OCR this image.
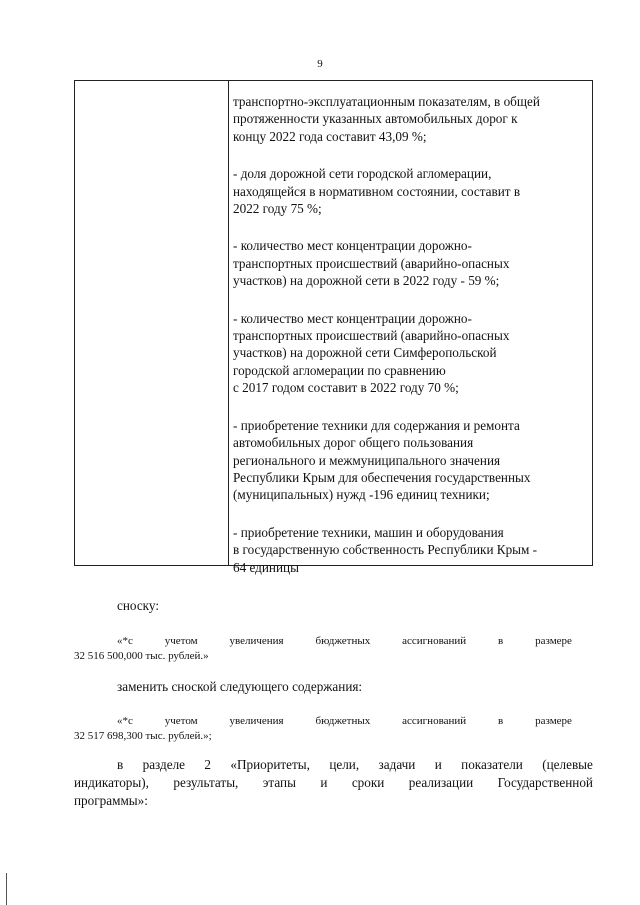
9

транспортно-эксплуатационным показателям, в общей
протяженности указанных автомобильных дорог к
концу 2022 года составит 43,09 %;

- доля дорожной сети городской агломерации,
находящейся в нормативном состоянии, составит в
2022 году 75 %;

- количество мест концентрации дорожно-
транспортных происшествий (аварийно-опасных
участков) на дорожной сети в 2022 году - 59 %;

- количество мест концентрации дорожно-
транспортных происшествий (аварийно-опасных
участков) на дорожной сети Симферопольской
городской агломерации по сравнению
с 2017 годом составит в 2022 году 70 %;

- приобретение техники для содержания и ремонта
автомобильных дорог общего пользования
регионального и межмуниципального значения
Республики Крым для обеспечения государственных
(муниципальных) нужд -196 единиц техники;

- приобретение техники, машин и оборудования
в государственную собственность Республики Крым -
64 единицы

сноску:
«*с	учетом	увеличения	бюджетных	ассигнований	в	размере
32 516 500,000 тыс. рублей.»
заменить сноской следующего содержания:
«*с	учетом	увеличения	бюджетных	ассигнований	в	размере
32 517 698,300 тыс. рублей.»;
в разделе 2 «Приоритеты, цели, задачи и показатели (целевые
индикаторы), результаты, этапы и сроки реализации Государственной
программы»:
